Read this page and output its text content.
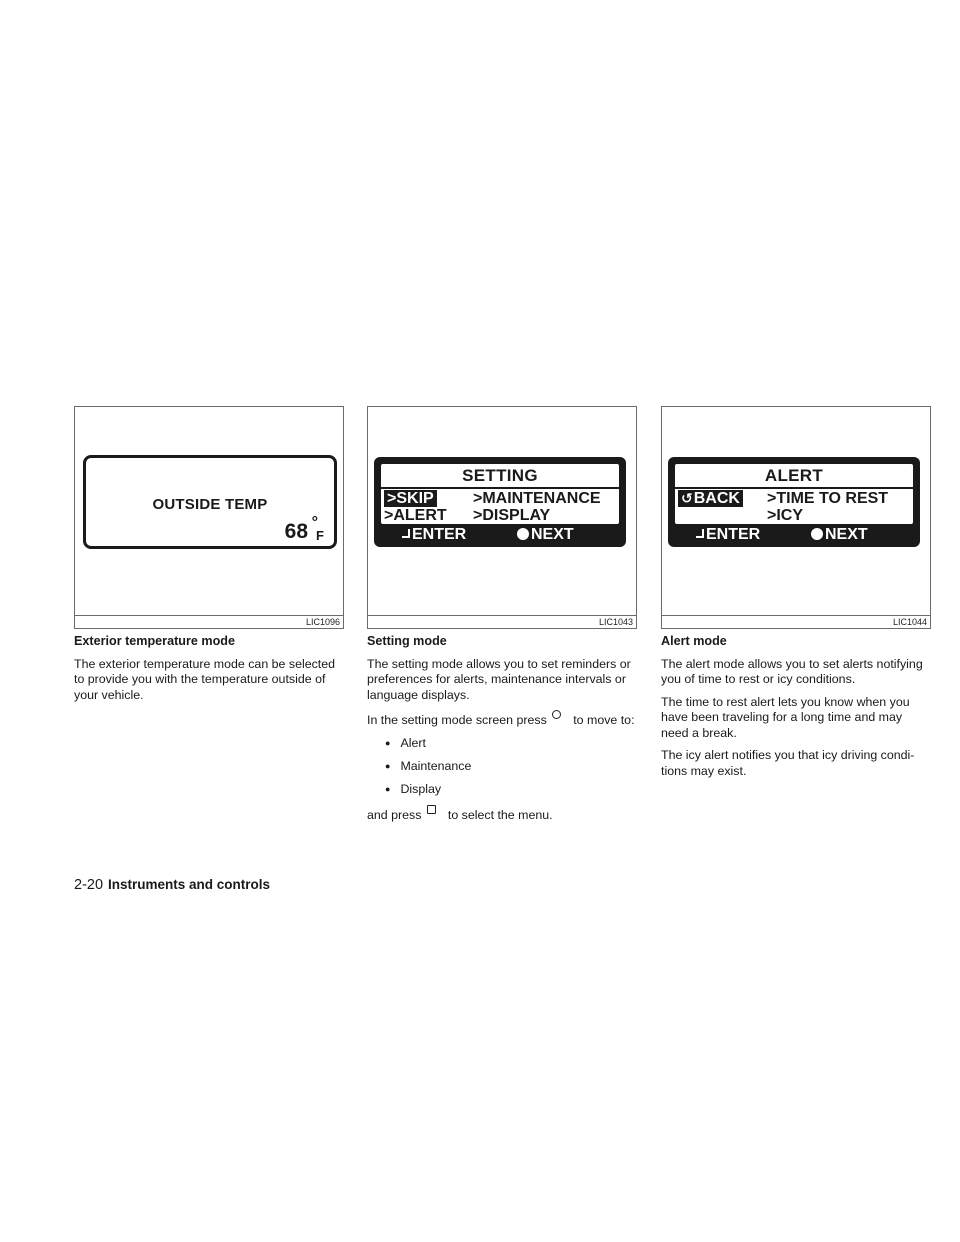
OUTSIDE TEMP
68 °
F
LIC1096
SETTING
>SKIP >MAINTENANCE
>ALERT >DISPLAY
ENTER	NEXT
LIC1043
ALERT
↺BACK >TIME TO REST
>ICY
ENTER	NEXT
LIC1044
Exterior temperature mode

The exterior temperature mode can be selected to provide you with the temperature outside of your vehicle.

Setting mode

The setting mode allows you to set reminders or preferences for alerts, maintenance intervals or language displays.

In the setting mode screen press to move to:

● Alert
● Maintenance
● Display

and press to select the menu.

Alert mode

The alert mode allows you to set alerts notifying you of time to rest or icy conditions.

The time to rest alert lets you know when you have been traveling for a long time and may need a break.

The icy alert notifies you that icy driving condi-tions may exist.

2-20 Instruments and controls
